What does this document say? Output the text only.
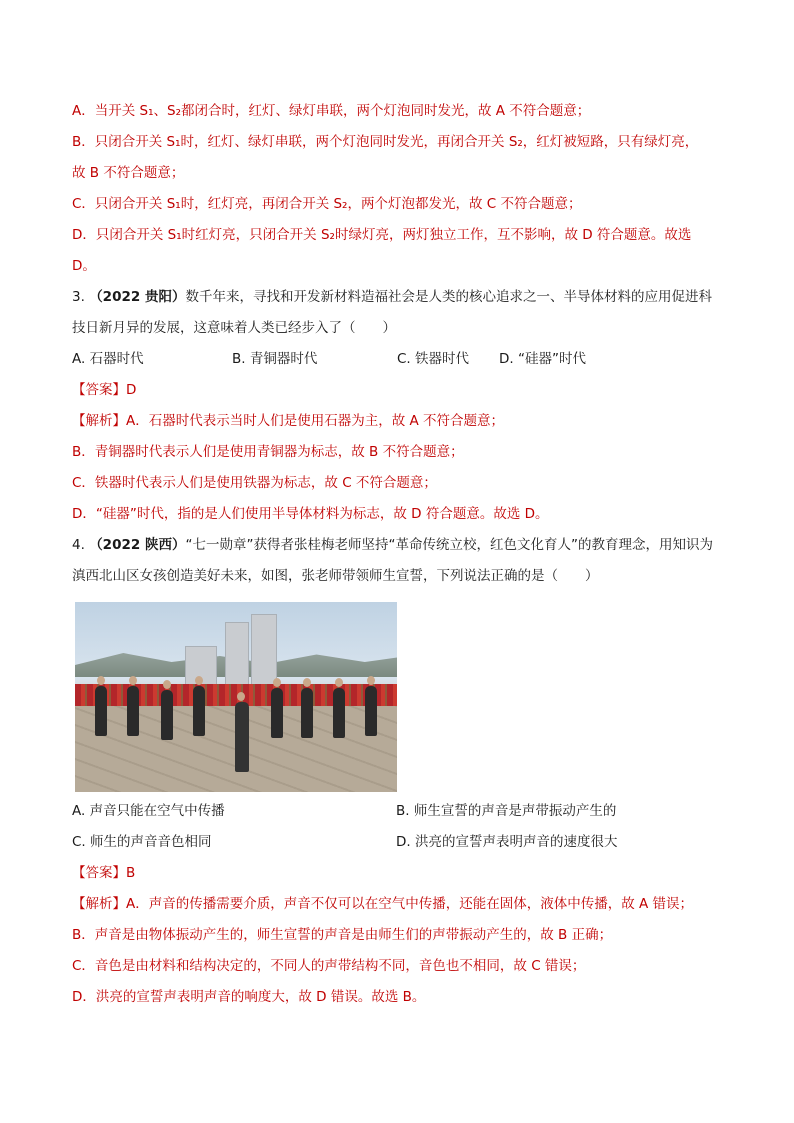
A．当开关 S₁、S₂都闭合时，红灯、绿灯串联，两个灯泡同时发光，故 A 不符合题意；

B．只闭合开关 S₁时，红灯、绿灯串联，两个灯泡同时发光，再闭合开关 S₂，红灯被短路，只有绿灯亮，

故 B 不符合题意；

C．只闭合开关 S₁时，红灯亮，再闭合开关 S₂，两个灯泡都发光，故 C 不符合题意；

D．只闭合开关 S₁时红灯亮，只闭合开关 S₂时绿灯亮，两灯独立工作，互不影响，故 D 符合题意。故选

D。

3. （2022 贵阳）数千年来，寻找和开发新材料造福社会是人类的核心追求之一、半导体材料的应用促进科

技日新月异的发展，这意味着人类已经步入了（　　）

A. 石器时代	B. 青铜器时代	C. 铁器时代	D. “硅器”时代

【答案】D

【解析】A．石器时代表示当时人们是使用石器为主，故 A 不符合题意；

B．青铜器时代表示人们是使用青铜器为标志，故 B 不符合题意；

C．铁器时代表示人们是使用铁器为标志，故 C 不符合题意；

D．“硅器”时代，指的是人们使用半导体材料为标志，故 D 符合题意。故选 D。

4. （2022 陕西）“七一勋章”获得者张桂梅老师坚持“革命传统立校，红色文化育人”的教育理念，用知识为

滇西北山区女孩创造美好未来，如图，张老师带领师生宣誓，下列说法正确的是（　　）

A. 声音只能在空气中传播	B. 师生宣誓的声音是声带振动产生的
C. 师生的声音音色相同	D. 洪亮的宣誓声表明声音的速度很大

【答案】B

【解析】A．声音的传播需要介质，声音不仅可以在空气中传播，还能在固体，液体中传播，故 A 错误；

B．声音是由物体振动产生的，师生宣誓的声音是由师生们的声带振动产生的，故 B 正确；

C．音色是由材料和结构决定的，不同人的声带结构不同，音色也不相同，故 C 错误；

D．洪亮的宣誓声表明声音的响度大，故 D 错误。故选 B。
